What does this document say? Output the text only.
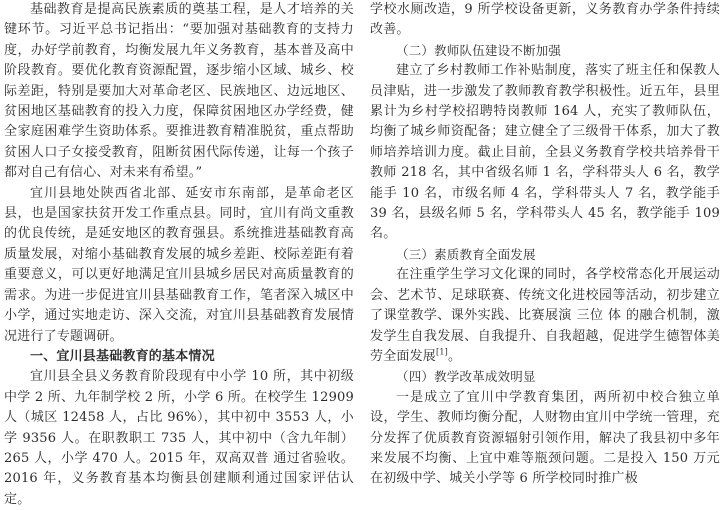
基础教育是提高民族素质的奠基工程，是人才培养的关键环节。习近平总书记指出：“要加强对基础教育的支持力度，办好学前教育，均衡发展九年义务教育，基本普及高中阶段教育。要优化教育资源配置，逐步缩小区域、城乡、校际差距，特别是要加大对革命老区、民族地区、边远地区、贫困地区基础教育的投入力度，保障贫困地区办学经费，健全家庭困难学生资助体系。要推进教育精准脱贫，重点帮助贫困人口子女接受教育，阻断贫困代际传递，让每一个孩子都对自己有信心、对未来有希望。”

宜川县地处陕西省北部、延安市东南部，是革命老区县，也是国家扶贫开发工作重点县。同时，宜川有尚文重教的优良传统，是延安地区的教育强县。系统推进基础教育高质量发展，对缩小基础教育发展的城乡差距、校际差距有着重要意义，可以更好地满足宜川县城乡居民对高质量教育的需求。为进一步促进宜川县基础教育工作，笔者深入城区中小学，通过实地走访、深入交流，对宜川县基础教育发展情况进行了专题调研。

一、宜川县基础教育的基本情况

宜川县全县义务教育阶段现有中小学 10 所，其中初级中学 2 所、九年制学校 2 所，小学 6 所。在校学生 12909 人（城区 12458 人，占比 96%），其中初中 3553 人，小学 9356 人。在职教职工 735 人，其中初中（含九年制）265 人，小学 470 人。2015 年，双高双普 通过省验收。2016 年，义务教育基本均衡县创建顺利通过国家评估认定。

学校水厕改造，9 所学校设备更新，义务教育办学条件持续改善。

（二）教师队伍建设不断加强

建立了乡村教师工作补贴制度，落实了班主任和保教人员津贴，进一步激发了教师教育教学积极性。近五年，县里累计为乡村学校招聘特岗教师 164 人，充实了教师队伍，均衡了城乡师资配备；建立健全了三级骨干体系，加大了教师培养培训力度。截止目前，全县义务教育学校共培养骨干教师 218 名，其中省级名师 1 名，学科带头人 6 名，教学能手 10 名，市级名师 4 名，学科带头人 7 名，教学能手 39 名，县级名师 5 名，学科带头人 45 名，教学能手 109 名。

（三）素质教育全面发展

在注重学生学习文化课的同时，各学校常态化开展运动会、艺术节、足球联赛、传统文化进校园等活动，初步建立了课堂教学、课外实践、比赛展演 三位 体 的融合机制，激发学生自我发展、自我提升、自我超越，促进学生德智体美劳全面发展[1]。

（四）教学改革成效明显

一是成立了宜川中学教育集团，两所初中校合独立单设，学生、教师均衡分配，人财物由宜川中学统一管理，充分发挥了优质教育资源辐射引领作用，解决了我县初中多年来发展不均衡、上宜中难等瓶颈问题。二是投入 150 万元在初级中学、城关小学等 6 所学校同时推广极
